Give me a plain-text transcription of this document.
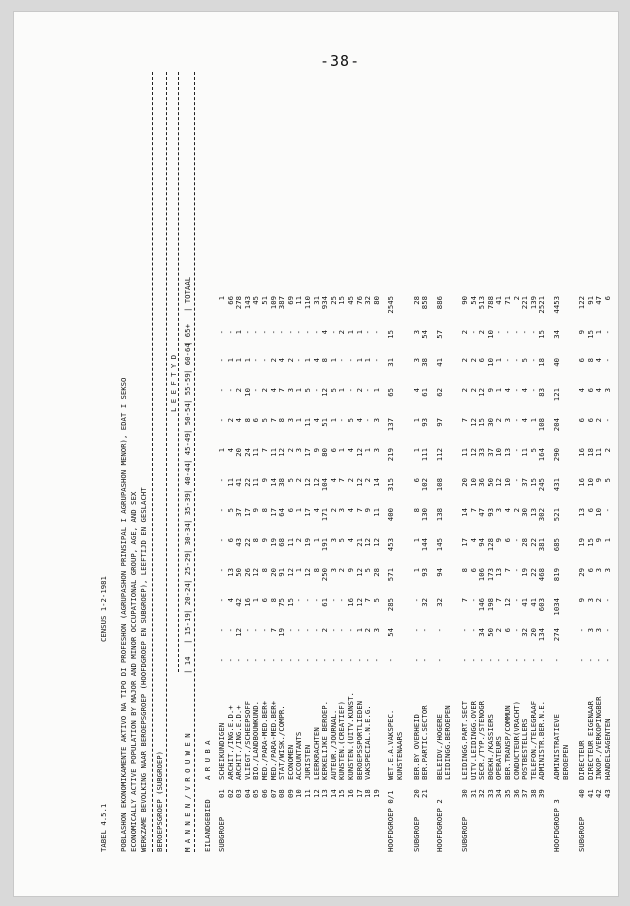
-38-
TABEL 4.5.1
CENSUS 1-2-1981 POBLASHON EKONOMIKAMENTE AKTIVO NA TIPO DI PROFESHON (AGRUPASHON PRINSIPAL I AGRUPASHON MENOR), EDAT I SEKSO ECONOMICALLY ACTIVE POPULATION BY MAJOR AND MINOR OCCUPATIONAL GROUP, AGE, AND SEX WERKZAME BEVOLKING NAAR BEROEPSGROEP (HOOFDGROEP EN SUBGROEP), LEEFTIJD EN GESLACHT BEROEPSGROEP (SUBGROEP)
L E E F T Y D
M A N N E N / V R O U W E N
| 14
| 15-19
| 20-24
| 25-29
| 30-34
| 35-39
| 40-44
| 45-49
| 50-54
| 55-59
| 60-64
| 65+
| TOTAAL
EILANDGEBIED
A R U B A
SUBGROEP
01
SCHEIKUNDIGEN
-
-
-
-
-
-
-
1
-
-
-
-
1
02
ARCHIT./ING.E.D.+
-
-
4
13
6
5
11
4
2
-
1
-
66
03
ARCHIT./ING.E.D.+
-
12
42
50
43
37
41
20
4
2
1
1
278
04
VLIEGT./SCHEEPSOFF
-
-
16
26
22
17
22
24
8
10
1
-
143
05
BIO./LANDBOUWKUND.
-
-
1
12
8
9
11
11
6
-
-
-
45
06
MED./PARA-MED.BER+
-
-
6
8
9
8
9
7
5
2
-
-
51
07
MED./PARA-MED.BER+
-
7
8
20
19
17
14
11
7
4
2
-
109
08
STAT/WISK./COMPR.
-
19
75
91
68
64
38
12
8
7
4
-
387
09
ECONOMEN
-
-
15
12
11
6
5
2
3
3
2
-
69
10
ACCOUNTANTS
-
-
-
1
2
1
2
3
1
1
-
-
11
11
JURISTEN
-
-
-
12
19
17
12
17
11
5
1
-
110
12
LEERKRACHTEN
-
-
-
8
1
4
12
9
4
-
4
-
31
13
KERKELIJKE BEROEP.
-
2
61
250
191
171
104
80
51
12
8
4
934
14
AUTEUR./JOURNAL.
-
-
-
3
3
2
4
6
1
5
1
-
25
15
KUNSTEN.(CREATIEF)
-
-
-
2
5
3
7
1
-
1
-
2
15
16
KUNSTEN.(UITV.KUNST.
-
-
16
9
4
4
2
4
5
-
-
1
45
17
BEROEPSSPORTLIEDEN
-
1
12
12
21
7
12
12
4
2
1
1
76
18
VAKSPECIAL.N.E.G.
-
2
7
5
12
9
2
1
-
-
1
-
32
19
-
3
5
28
12
11
14
3
3
1
-
-
80
HOOFDGROEP 0/1
WET.E.A.VAKSPEC.
-
54
285
571
453
400
315
219
137
65
31
15
2545
KUNSTENAARS
SUBGROEP
20
BER.BY OVERHEID
-
-
-
1
1
8
6
1
1
4
3
3
28
21
BER.PARTIC.SECTOR
-
-
32
93
144
130
102
111
93
61
38
54
858
HOOFDGROEP 2
BELEIDV./HOGERE
-
-
32
94
145
138
108
112
97
62
41
57
886
LEIDINGG.BEROEPEN
SUBGROEP
30
LEIDINGG.PART.SECT
-
-
7
8
17
14
20
11
7
2
2
2
90
31
UITV.LEIDINGG.OVER
-
-
-
6
4
7
10
12
12
2
2
-
54
32
SECR./TYP./STENOGR
-
34
146
106
94
47
36
33
15
12
6
2
513
33
BOEKH./KASSIERS
-
50
198
173
128
93
50
37
30
9
10
10
788
34
OPERATEURS
-
2
7
13
9
3
12
10
2
1
1
-
41
35
BER.TRANSP/COMMUN
-
6
12
7
6
4
10
13
3
4
-
-
71
36
CONDUCTEUR(VRACHT)
-
-
-
-
-
2
-
-
-
-
-
-
2
37
POSTBESTELLERS
-
32
41
19
28
30
37
11
4
4
5
-
221
38
TELEFON./TELEGRAAF
-
20
41
22
22
13
15
5
1
-
-
-
139
39
ADMINISTR.BER.N.E.
-
134
603
468
381
302
245
164
108
83
18
15
2521
HOOFDGROEP 3
ADMINISTRATIEVE
-
274
1034
819
685
521
431
290
204
121
40
34
4453
BEROEPEN
SUBGROEP
40
DIRECTEUR
-
-
9
29
19
13
16
16
6
4
6
9
122
41
DIRECTEUR EIGENAAR
-
3
3
6
15
6
10
18
6
6
8
15
91
42
INKOP./VERKOPINGBER
-
3
2
3
9
10
9
11
2
4
4
1
47
43
HANDELSAGENTEN
-
-
-
3
1
-
5
2
-
3
-
-
6
